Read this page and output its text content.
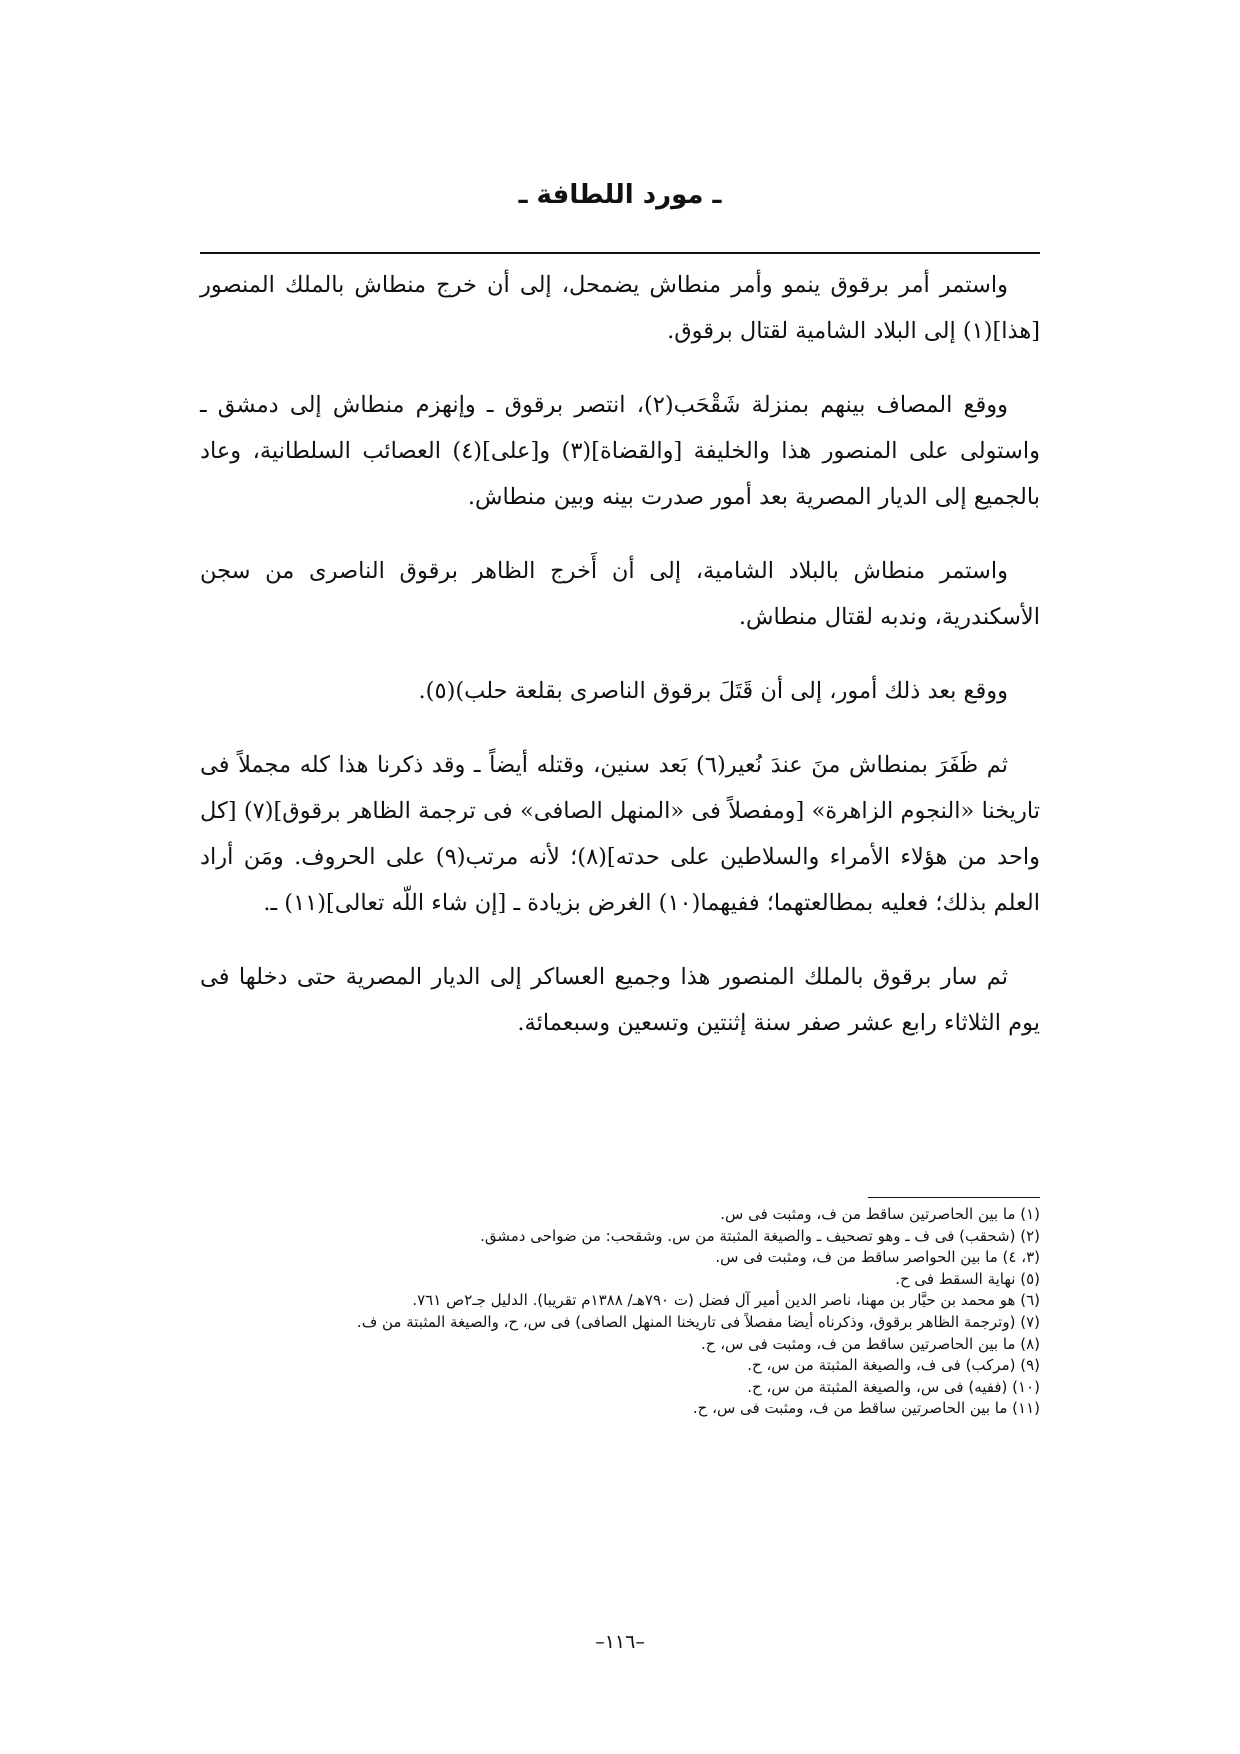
ـ مورد اللطافة ـ

واستمر أمر برقوق ينمو وأمر منطاش يضمحل، إلى أن خرج منطاش بالملك المنصور [هذا](١) إلى البلاد الشامية لقتال برقوق.

ووقع المصاف بينهم بمنزلة شَقْحَب(٢)، انتصر برقوق ـ وإنهزم منطاش إلى دمشق ـ واستولى على المنصور هذا والخليفة [والقضاة](٣) و[على](٤) العصائب السلطانية، وعاد بالجميع إلى الديار المصرية بعد أمور صدرت بينه وبين منطاش.

واستمر منطاش بالبلاد الشامية، إلى أن أَخرج الظاهر برقوق الناصرى من سجن الأسكندرية، وندبه لقتال منطاش.

ووقع بعد ذلك أمور، إلى أن قَتَلَ برقوق الناصرى بقلعة حلب)(٥).

ثم ظَفَرَ بمنطاش منَ عندَ نُعير(٦) بَعد سنين، وقتله أيضاً ـ وقد ذكرنا هذا كله مجملاً فى تاريخنا «النجوم الزاهرة» [ومفصلاً فى «المنهل الصافى» فى ترجمة الظاهر برقوق](٧) [كل واحد من هؤلاء الأمراء والسلاطين على حدته](٨)؛ لأنه مرتب(٩) على الحروف. ومَن أراد العلم بذلك؛ فعليه بمطالعتهما؛ ففيهما(١٠) الغرض بزيادة ـ [إن شاء اللّه تعالى](١١) ـ.

ثم سار برقوق بالملك المنصور هذا وجميع العساكر إلى الديار المصرية حتى دخلها فى يوم الثلاثاء رابع عشر صفر سنة إثنتين وتسعين وسبعمائة.

(١) ما بين الحاصرتين ساقط من ف، ومثبت فى س.

(٢) (شحقب) فى ف ـ وهو تصحيف ـ والصيغة المثبتة من س. وشقحب: من ضواحى دمشق.

(٣، ٤) ما بين الحواصر ساقط من ف، ومثبت فى س.

(٥) نهاية السقط فى ح.

(٦) هو محمد بن حيَّار بن مهنا، ناصر الدين أمير آل فضل (ت ٧٩٠هـ/ ١٣٨٨م تقريبا). الدليل جـ٢ص ٧٦١.

(٧) (وترجمة الظاهر برقوق، وذكرناه أيضا مفصلاً فى تاريخنا المنهل الصافى) فى س، ح، والصيغة المثبتة من ف.

(٨) ما بين الحاصرتين ساقط من ف، ومثبت فى س، ح.

(٩) (مركب) فى ف، والصيغة المثبتة من س، ح.

(١٠) (ففيه) فى س، والصيغة المثبتة من س، ح.

(١١) ما بين الحاصرتين ساقط من ف، ومثبت فى س، ح.

–١١٦–
